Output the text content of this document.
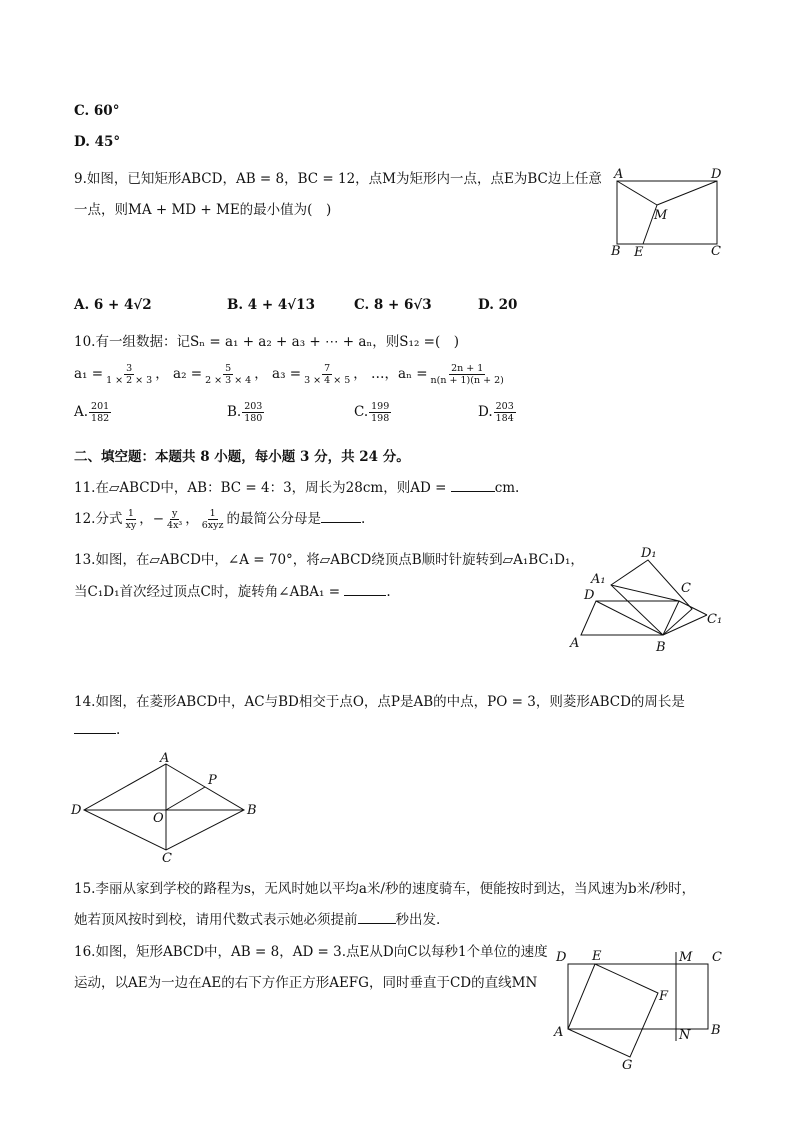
C. 60°
D. 45°
9.如图，已知矩形ABCD，AB = 8，BC = 12，点M为矩形内一点，点E为BC边上任意
一点，则MA + MD + ME的最小值为(　)
A	D
M
B E	C
A. 6 + 4√2	B. 4 + 4√13	C. 8 + 6√3	D. 20
10.有一组数据：记Sₙ = a₁ + a₂ + a₃ + ⋯ + aₙ，则S₁₂ =(　)
$a_1 = \frac{3}{1 \times 2 \times 3}$ ， $a_2 = \frac{5}{2 \times 3 \times 4}$ ， $a_3 = \frac{7}{3 \times 4 \times 5}$ ， …，$a_n = \frac{2n + 1}{n(n + 1)(n + 2)}$
A. $\frac{201}{182}$	B. $\frac{203}{180}$	C. $\frac{199}{198}$	D. $\frac{203}{184}$
二、填空题：本题共 8 小题，每小题 3 分，共 24 分。
11.在▱ABCD中，AB：BC = 4：3，周长为28cm，则AD =	cm.
12.分式 $\frac{1}{xy}$ ，− $\frac{y}{\text{4x³}}$ ， $\frac{1}{\text{6xyz}}$ 的最简公分母是	.
13.如图，在▱ABCD中，∠A = 70°，将▱ABCD绕顶点B顺时针旋转到▱A₁BC₁D₁，
当C₁D₁首次经过顶点C时，旋转角∠ABA₁ =	.
D₁
A₁
C
D
C₁
A	B
14.如图，在菱形ABCD中，AC与BD相交于点O，点P是AB的中点，PO = 3，则菱形ABCD的周长是
.
A
P
D
O
B
C
15.李丽从家到学校的路程为s，无风时她以平均a米/秒的速度骑车，便能按时到达，当风速为b米/秒时，
她若顶风按时到校，请用代数式表示她必须提前	秒出发.
16.如图，矩形ABCD中，AB = 8，AD = 3.点E从D向C以每秒1个单位的速度
运动，以AE为一边在AE的右下方作正方形AEFG，同时垂直于CD的直线MN
D E	M C
F
A	N B
G
